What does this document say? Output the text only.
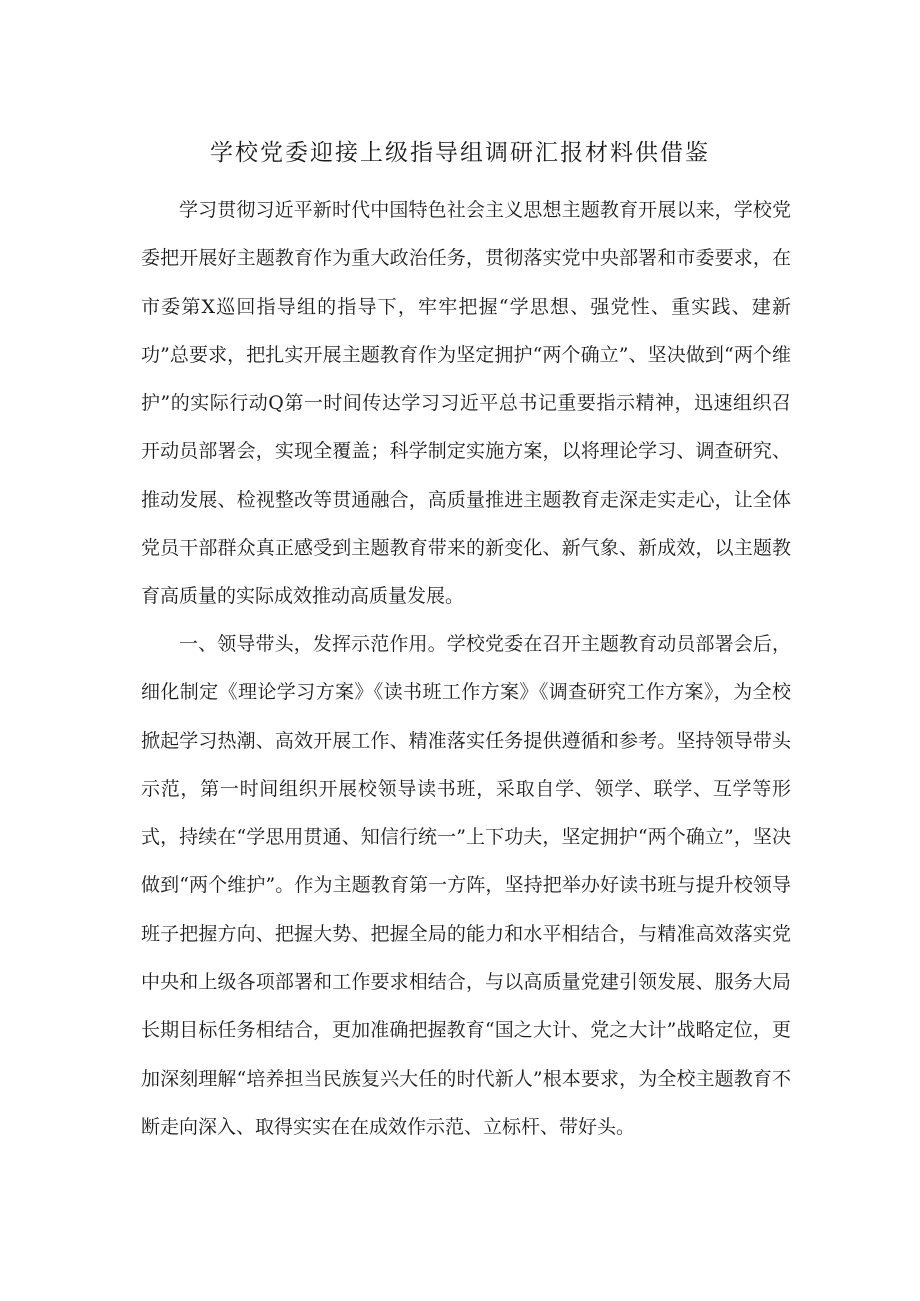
学校党委迎接上级指导组调研汇报材料供借鉴

学习贯彻习近平新时代中国特色社会主义思想主题教育开展以来，学校党委把开展好主题教育作为重大政治任务，贯彻落实党中央部署和市委要求，在市委第X巡回指导组的指导下，牢牢把握“学思想、强党性、重实践、建新功”总要求，把扎实开展主题教育作为坚定拥护“两个确立”、坚决做到“两个维护”的实际行动Q第一时间传达学习习近平总书记重要指示精神，迅速组织召开动员部署会，实现全覆盖；科学制定实施方案，以将理论学习、调查研究、推动发展、检视整改等贯通融合，高质量推进主题教育走深走实走心，让全体党员干部群众真正感受到主题教育带来的新变化、新气象、新成效，以主题教育高质量的实际成效推动高质量发展。

一、领导带头，发挥示范作用。学校党委在召开主题教育动员部署会后，细化制定《理论学习方案》《读书班工作方案》《调查研究工作方案》，为全校掀起学习热潮、高效开展工作、精准落实任务提供遵循和参考。坚持领导带头示范，第一时间组织开展校领导读书班，采取自学、领学、联学、互学等形式，持续在“学思用贯通、知信行统一”上下功夫，坚定拥护“两个确立”，坚决做到“两个维护”。作为主题教育第一方阵，坚持把举办好读书班与提升校领导班子把握方向、把握大势、把握全局的能力和水平相结合，与精准高效落实党中央和上级各项部署和工作要求相结合，与以高质量党建引领发展、服务大局长期目标任务相结合，更加准确把握教育“国之大计、党之大计”战略定位，更加深刻理解“培养担当民族复兴大任的时代新人”根本要求，为全校主题教育不断走向深入、取得实实在在成效作示范、立标杆、带好头。
